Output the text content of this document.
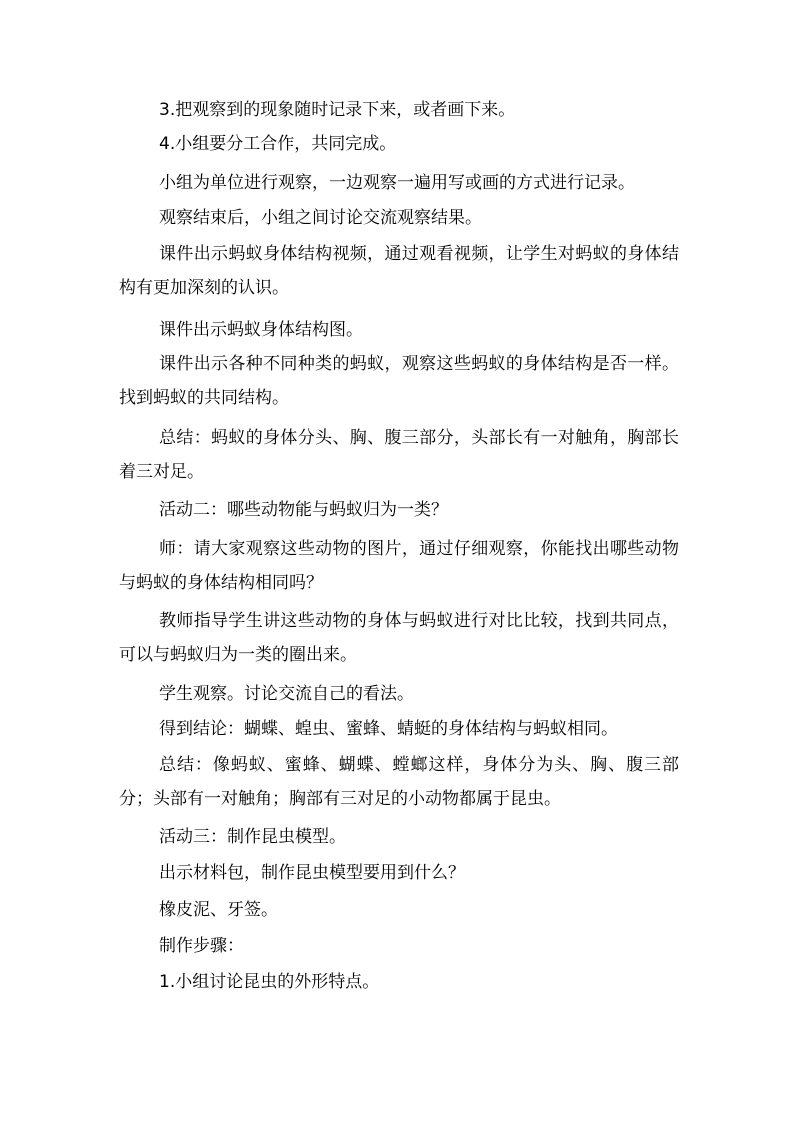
3.把观察到的现象随时记录下来，或者画下来。

4.小组要分工合作，共同完成。

小组为单位进行观察，一边观察一遍用写或画的方式进行记录。

观察结束后，小组之间讨论交流观察结果。

课件出示蚂蚁身体结构视频，通过观看视频，让学生对蚂蚁的身体结构有更加深刻的认识。

课件出示蚂蚁身体结构图。

课件出示各种不同种类的蚂蚁，观察这些蚂蚁的身体结构是否一样。找到蚂蚁的共同结构。

总结：蚂蚁的身体分头、胸、腹三部分，头部长有一对触角，胸部长着三对足。

活动二：哪些动物能与蚂蚁归为一类？

师：请大家观察这些动物的图片，通过仔细观察，你能找出哪些动物与蚂蚁的身体结构相同吗？

教师指导学生讲这些动物的身体与蚂蚁进行对比比较，找到共同点，可以与蚂蚁归为一类的圈出来。

学生观察。讨论交流自己的看法。

得到结论：蝴蝶、蝗虫、蜜蜂、蜻蜓的身体结构与蚂蚁相同。

总结：像蚂蚁、蜜蜂、蝴蝶、螳螂这样，身体分为头、胸、腹三部分；头部有一对触角；胸部有三对足的小动物都属于昆虫。

活动三：制作昆虫模型。

出示材料包，制作昆虫模型要用到什么？

橡皮泥、牙签。

制作步骤：

1.小组讨论昆虫的外形特点。
